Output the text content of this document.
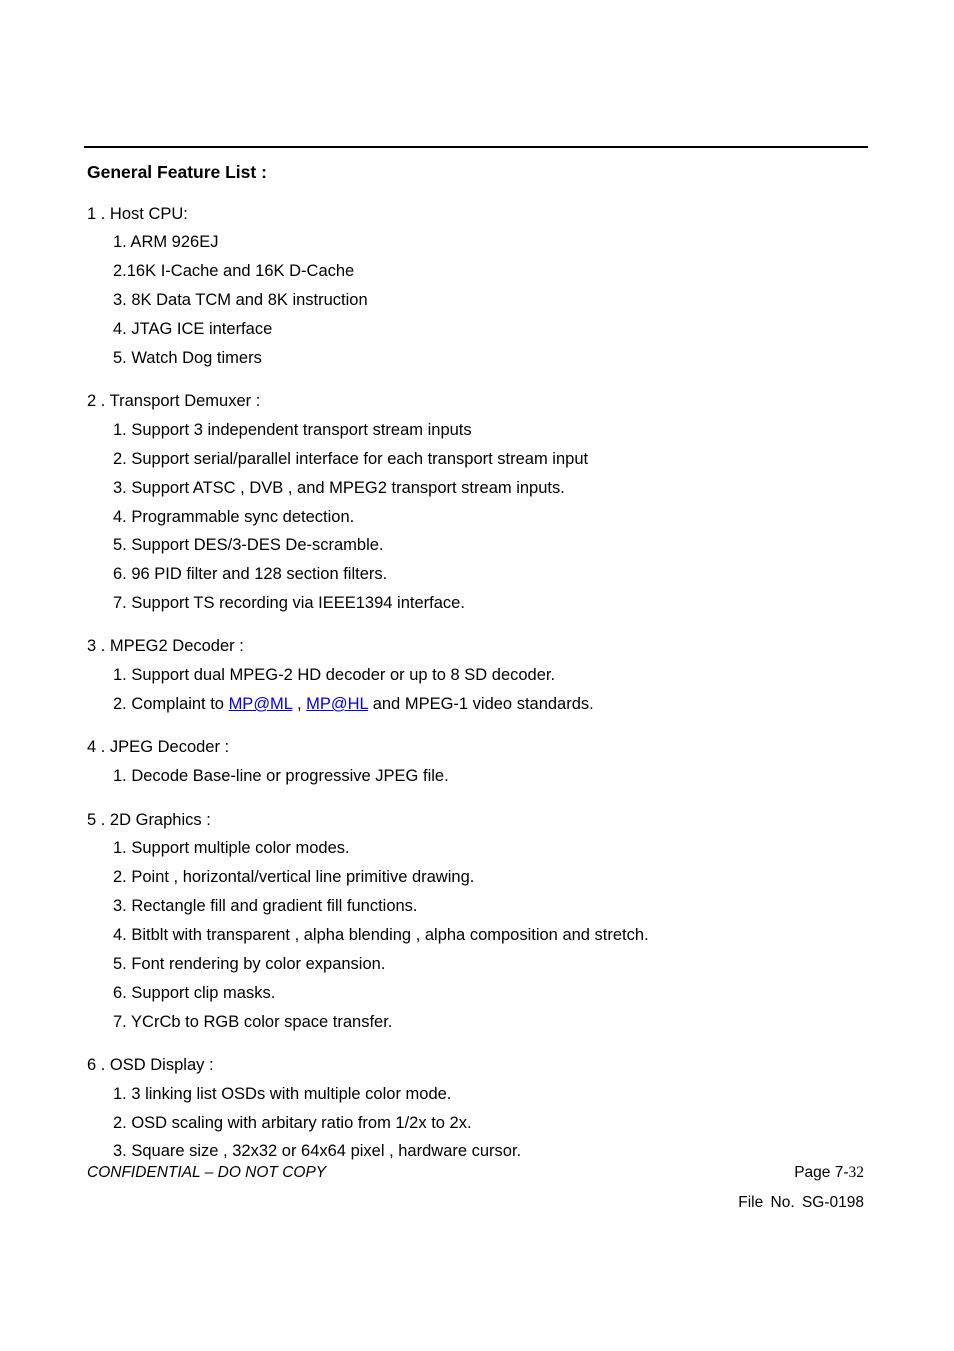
General Feature List :
1 . Host CPU:
1. ARM 926EJ
2.16K I-Cache and 16K D-Cache
3. 8K Data TCM and 8K instruction
4. JTAG ICE interface
5. Watch Dog timers
2 . Transport Demuxer :
1. Support 3 independent transport stream inputs
2. Support serial/parallel interface for each transport stream input
3. Support ATSC , DVB , and MPEG2 transport stream inputs.
4. Programmable sync detection.
5. Support DES/3-DES De-scramble.
6. 96 PID filter and 128 section filters.
7. Support TS recording via IEEE1394 interface.
3 . MPEG2 Decoder :
1. Support dual MPEG-2 HD decoder or up to 8 SD decoder.
2. Complaint to MP@ML , MP@HL and MPEG-1 video standards.
4 . JPEG Decoder :
1. Decode Base-line or progressive JPEG file.
5 . 2D Graphics :
1. Support multiple color modes.
2. Point , horizontal/vertical line primitive drawing.
3. Rectangle fill and gradient fill functions.
4. Bitblt with transparent , alpha blending , alpha composition and stretch.
5. Font rendering by color expansion.
6. Support clip masks.
7. YCrCb to RGB color space transfer.
6 . OSD Display :
1. 3 linking list OSDs with multiple color mode.
2. OSD scaling with arbitary ratio from 1/2x to 2x.
3. Square size , 32x32 or 64x64 pixel , hardware cursor.
CONFIDENTIAL – DO NOT COPY	Page 7-32
File No. SG-0198
